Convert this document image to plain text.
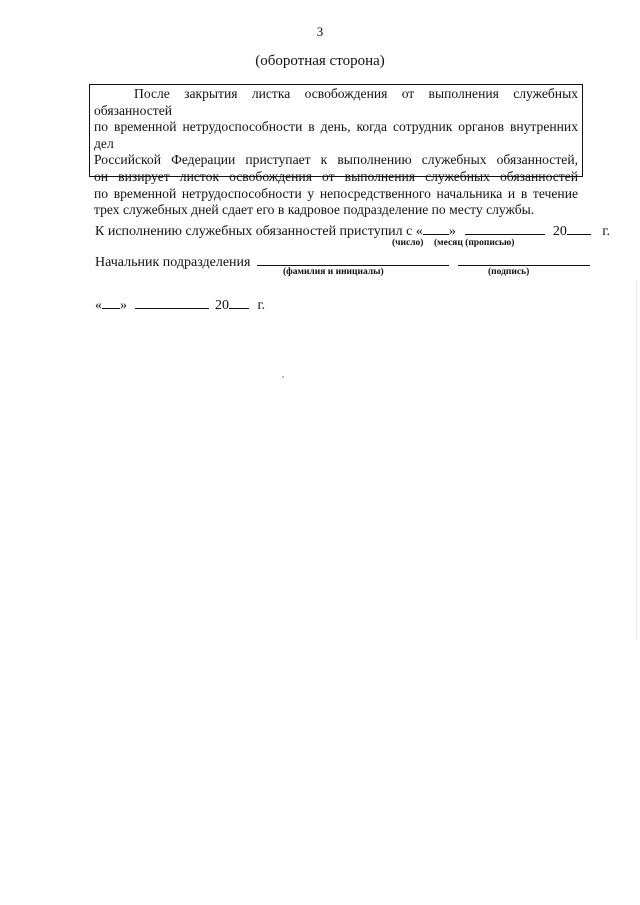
3
(оборотная сторона)
После закрытия листка освобождения от выполнения служебных обязанностей
по временной нетрудоспособности в день, когда сотрудник органов внутренних дел
Российской Федерации приступает к выполнению служебных обязанностей,
он визирует листок освобождения от выполнения служебных обязанностей
по временной нетрудоспособности у непосредственного начальника и в течение
трех служебных дней сдает его в кадровое подразделение по месту службы.
К исполнению служебных обязанностей приступил с « »	20	г.
(число) (месяц (прописью)
Начальник подразделения
(фамилия и инициалы)	(подпись)
« »	20 г.
